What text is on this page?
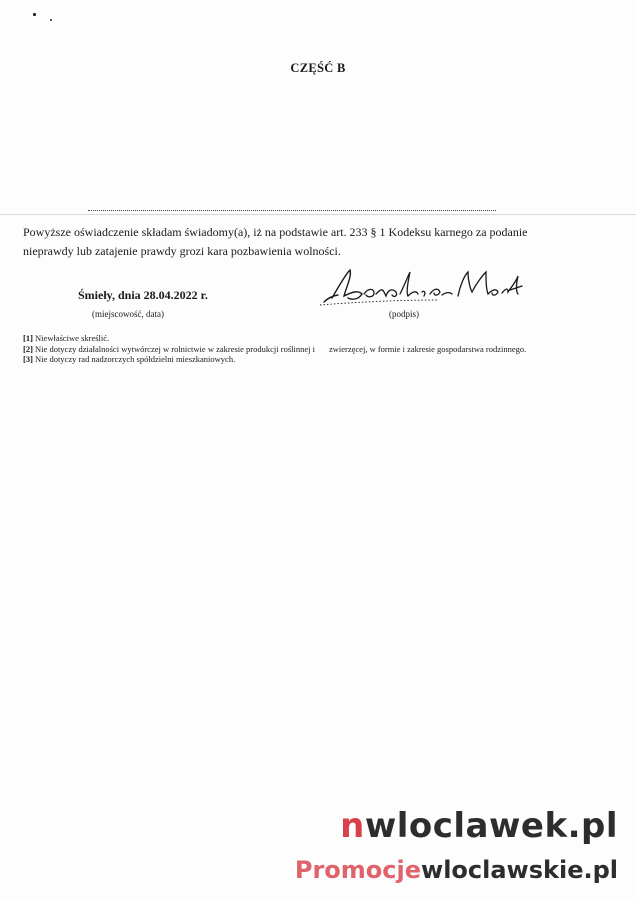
CZĘŚĆ B
Powyższe oświadczenie składam świadomy(a), iż na podstawie art. 233 § 1 Kodeksu karnego za podanie nieprawdy lub zatajenie prawdy grozi kara pozbawienia wolności.
Śmieły, dnia 28.04.2022 r.
(miejscowość, data)	(podpis)

[1] Niewłaściwe skreślić.

[2] Nie dotyczy działalności wytwórczej w rolnictwie w zakresie produkcji roślinnej i zwierzęcej, w formie i zakresie gospodarstwa rodzinnego.

[3] Nie dotyczy rad nadzorczych spółdzielni mieszkaniowych.

nwloclawek.pl
Promocjewloclawskie.pl
